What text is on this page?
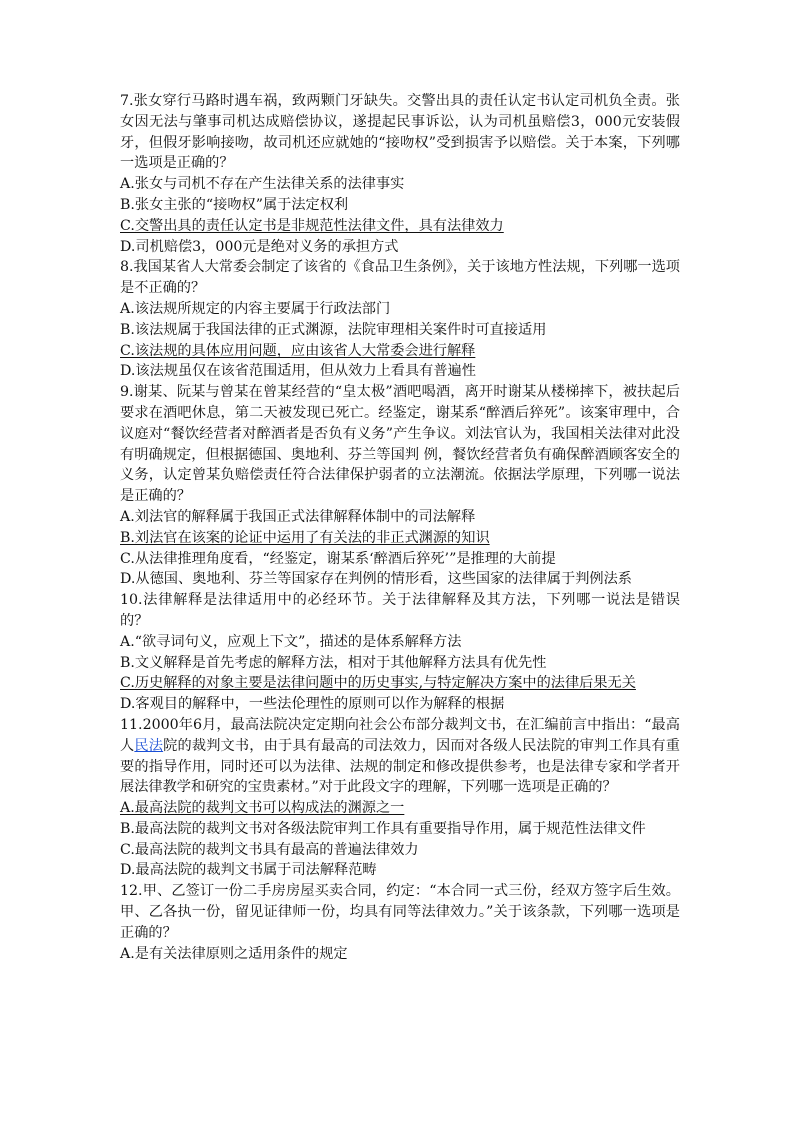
7.张女穿行马路时遇车祸，致两颗门牙缺失。交警出具的责任认定书认定司机负全责。张女因无法与肇事司机达成赔偿协议，遂提起民事诉讼，认为司机虽赔偿3，000元安装假牙，但假牙影响接吻，故司机还应就她的“接吻权”受到损害予以赔偿。关于本案，下列哪一选项是正确的？

A.张女与司机不存在产生法律关系的法律事实

B.张女主张的“接吻权”属于法定权利

C.交警出具的责任认定书是非规范性法律文件，具有法律效力

D.司机赔偿3，000元是绝对义务的承担方式

8.我国某省人大常委会制定了该省的《食品卫生条例》，关于该地方性法规，下列哪一选项是不正确的？

A.该法规所规定的内容主要属于行政法部门

B.该法规属于我国法律的正式渊源，法院审理相关案件时可直接适用

C.该法规的具体应用问题，应由该省人大常委会进行解释

D.该法规虽仅在该省范围适用，但从效力上看具有普遍性

9.谢某、阮某与曾某在曾某经营的“皇太极”酒吧喝酒，离开时谢某从楼梯摔下，被扶起后要求在酒吧休息，第二天被发现已死亡。经鉴定，谢某系“醉酒后猝死”。该案审理中，合议庭对“餐饮经营者对醉酒者是否负有义务”产生争议。刘法官认为，我国相关法律对此没有明确规定，但根据德国、奥地利、芬兰等国判 例，餐饮经营者负有确保醉酒顾客安全的义务，认定曾某负赔偿责任符合法律保护弱者的立法潮流。依据法学原理，下列哪一说法是正确的？

A.刘法官的解释属于我国正式法律解释体制中的司法解释

B.刘法官在该案的论证中运用了有关法的非正式渊源的知识

C.从法律推理角度看，“经鉴定，谢某系‘醉酒后猝死’”是推理的大前提

D.从德国、奥地利、芬兰等国家存在判例的情形看，这些国家的法律属于判例法系

10.法律解释是法律适用中的必经环节。关于法律解释及其方法，下列哪一说法是错误的？

A.“欲寻词句义，应观上下文”，描述的是体系解释方法

B.文义解释是首先考虑的解释方法，相对于其他解释方法具有优先性

C.历史解释的对象主要是法律问题中的历史事实,与特定解决方案中的法律后果无关

D.客观目的解释中，一些法伦理性的原则可以作为解释的根据

11.2000年6月，最高法院决定定期向社会公布部分裁判文书，在汇编前言中指出：“最高人民法院的裁判文书，由于具有最高的司法效力，因而对各级人民法院的审判工作具有重要的指导作用，同时还可以为法律、法规的制定和修改提供参考，也是法律专家和学者开展法律教学和研究的宝贵素材。”对于此段文字的理解，下列哪一选项是正确的？

A.最高法院的裁判文书可以构成法的渊源之一

B.最高法院的裁判文书对各级法院审判工作具有重要指导作用，属于规范性法律文件

C.最高法院的裁判文书具有最高的普遍法律效力

D.最高法院的裁判文书属于司法解释范畴

12.甲、乙签订一份二手房房屋买卖合同，约定：“本合同一式三份，经双方签字后生效。甲、乙各执一份，留见证律师一份，均具有同等法律效力。”关于该条款，下列哪一选项是正确的？

A.是有关法律原则之适用条件的规定
